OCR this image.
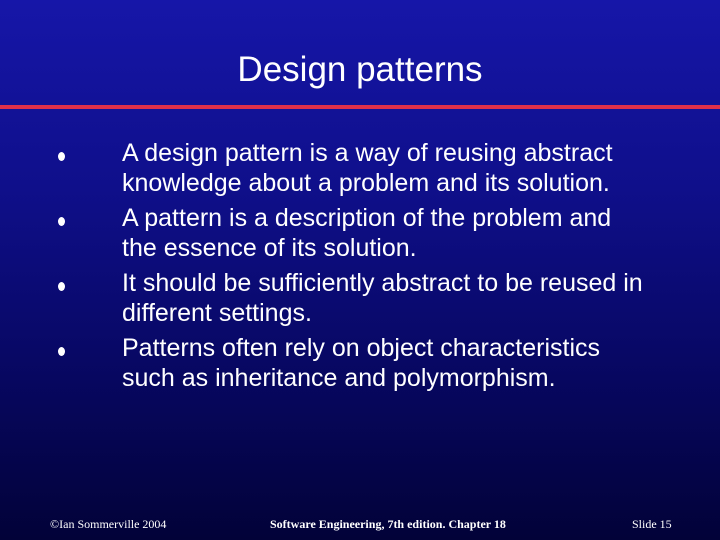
Design patterns
A design pattern is a way of reusing abstract
knowledge about a problem and its solution.
A pattern is a description of the problem and
the essence of its solution.
It should be sufficiently abstract to be reused in
different settings.
Patterns often rely on object characteristics
such as inheritance and polymorphism.
©Ian Sommerville 2004	Software Engineering, 7th edition. Chapter 18	Slide 15
